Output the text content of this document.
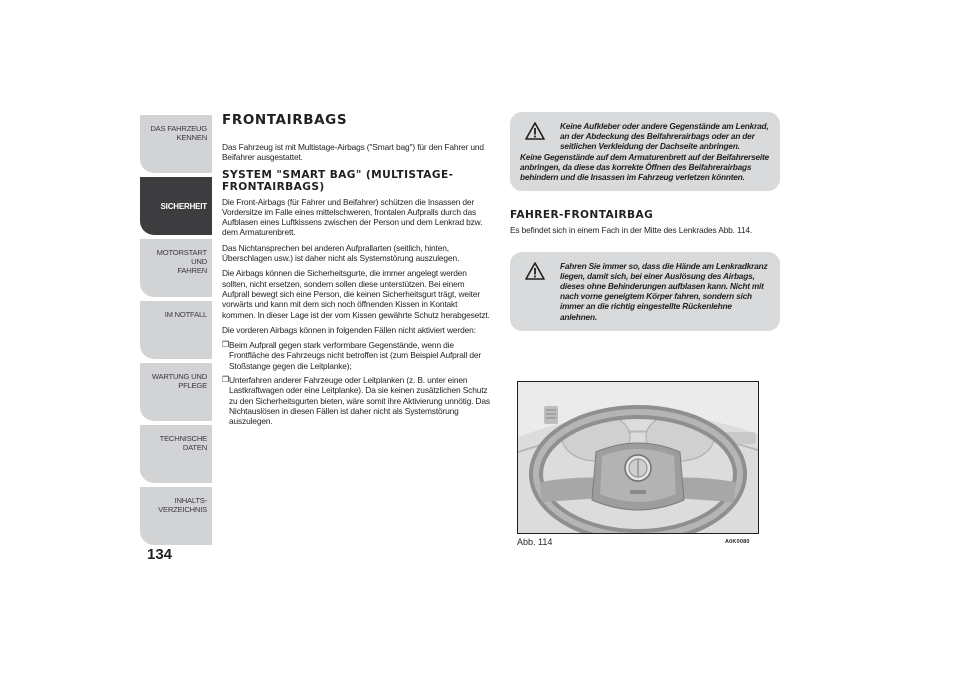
DAS FAHRZEUG
KENNEN
SICHERHEIT
MOTORSTART UND
FAHREN
IM NOTFALL
WARTUNG UND
PFLEGE
TECHNISCHE DATEN
INHALTS-
VERZEICHNIS
134
FRONTAIRBAGS

Das Fahrzeug ist mit Multistage-Airbags ("Smart bag") für den Fahrer und Beifahrer ausgestattet.

SYSTEM "SMART BAG" (MULTISTAGE-FRONTAIRBAGS)

Die Front-Airbags (für Fahrer und Beifahrer) schützen die Insassen der Vordersitze im Falle eines mittelschweren, frontalen Aufpralls durch das Aufblasen eines Luftkissens zwischen der Person und dem Lenkrad bzw. dem Armaturenbrett.

Das Nichtansprechen bei anderen Aufprallarten (seitlich, hinten, Überschlagen usw.) ist daher nicht als Systemstörung auszulegen.

Die Airbags können die Sicherheitsgurte, die immer angelegt werden sollten, nicht ersetzen, sondern sollen diese unterstützen. Bei einem Aufprall bewegt sich eine Person, die keinen Sicherheitsgurt trägt, weiter vorwärts und kann mit dem sich noch öffnenden Kissen in Kontakt kommen. In dieser Lage ist der vom Kissen gewährte Schutz herabgesetzt.

Die vorderen Airbags können in folgenden Fällen nicht aktiviert werden:

❒ Beim Aufprall gegen stark verformbare Gegenstände, wenn die Frontfläche des Fahrzeugs nicht betroffen ist (zum Beispiel Aufprall der Stoßstange gegen die Leitplanke);

❒ Unterfahren anderer Fahrzeuge oder Leitplanken (z. B. unter einen Lastkraftwagen oder eine Leitplanke). Da sie keinen zusätzlichen Schutz zu den Sicherheitsgurten bieten, wäre somit ihre Aktivierung unnötig. Das Nichtauslösen in diesen Fällen ist daher nicht als Systemstörung auszulegen.

Keine Aufkleber oder andere Gegenstände am Lenkrad, an der Abdeckung des Beifahrerairbags oder an der seitlichen Verkleidung der Dachseite anbringen.

Keine Gegenstände auf dem Armaturenbrett auf der Beifahrerseite anbringen, da diese das korrekte Öffnen des Beifahrerairbags behindern und die Insassen im Fahrzeug verletzen könnten.

FAHRER-FRONTAIRBAG

Es befindet sich in einem Fach in der Mitte des Lenkrades Abb. 114.

Fahren Sie immer so, dass die Hände am Lenkradkranz liegen, damit sich, bei einer Auslösung des Airbags, dieses ohne Behinderungen aufblasen kann. Nicht mit nach vorne geneigtem Körper fahren, sondern sich immer an die richtig eingestellte Rückenlehne anlehnen.

Abb. 114	A0K0080
